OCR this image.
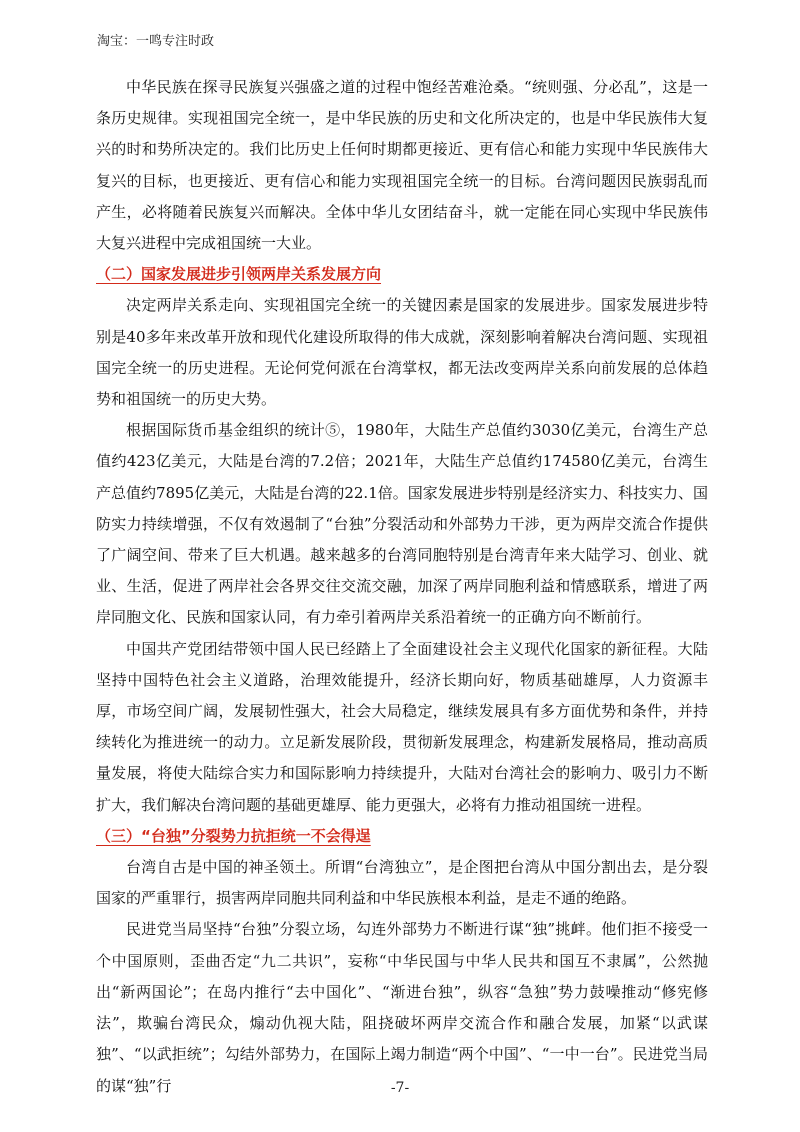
淘宝：一鸣专注时政

中华民族在探寻民族复兴强盛之道的过程中饱经苦难沧桑。“统则强、分必乱”，这是一条历史规律。实现祖国完全统一，是中华民族的历史和文化所决定的，也是中华民族伟大复兴的时和势所决定的。我们比历史上任何时期都更接近、更有信心和能力实现中华民族伟大复兴的目标，也更接近、更有信心和能力实现祖国完全统一的目标。台湾问题因民族弱乱而产生，必将随着民族复兴而解决。全体中华儿女团结奋斗，就一定能在同心实现中华民族伟大复兴进程中完成祖国统一大业。

（二）国家发展进步引领两岸关系发展方向

决定两岸关系走向、实现祖国完全统一的关键因素是国家的发展进步。国家发展进步特别是40多年来改革开放和现代化建设所取得的伟大成就，深刻影响着解决台湾问题、实现祖国完全统一的历史进程。无论何党何派在台湾掌权，都无法改变两岸关系向前发展的总体趋势和祖国统一的历史大势。

根据国际货币基金组织的统计⑤，1980年，大陆生产总值约3030亿美元，台湾生产总值约423亿美元，大陆是台湾的7.2倍；2021年，大陆生产总值约174580亿美元，台湾生产总值约7895亿美元，大陆是台湾的22.1倍。国家发展进步特别是经济实力、科技实力、国防实力持续增强，不仅有效遏制了“台独”分裂活动和外部势力干涉，更为两岸交流合作提供了广阔空间、带来了巨大机遇。越来越多的台湾同胞特别是台湾青年来大陆学习、创业、就业、生活，促进了两岸社会各界交往交流交融，加深了两岸同胞利益和情感联系，增进了两岸同胞文化、民族和国家认同，有力牵引着两岸关系沿着统一的正确方向不断前行。

中国共产党团结带领中国人民已经踏上了全面建设社会主义现代化国家的新征程。大陆坚持中国特色社会主义道路，治理效能提升，经济长期向好，物质基础雄厚，人力资源丰厚，市场空间广阔，发展韧性强大，社会大局稳定，继续发展具有多方面优势和条件，并持续转化为推进统一的动力。立足新发展阶段，贯彻新发展理念，构建新发展格局，推动高质量发展，将使大陆综合实力和国际影响力持续提升，大陆对台湾社会的影响力、吸引力不断扩大，我们解决台湾问题的基础更雄厚、能力更强大，必将有力推动祖国统一进程。

（三）“台独”分裂势力抗拒统一不会得逞

台湾自古是中国的神圣领土。所谓“台湾独立”，是企图把台湾从中国分割出去，是分裂国家的严重罪行，损害两岸同胞共同利益和中华民族根本利益，是走不通的绝路。

民进党当局坚持“台独”分裂立场，勾连外部势力不断进行谋“独”挑衅。他们拒不接受一个中国原则，歪曲否定“九二共识”，妄称“中华民国与中华人民共和国互不隶属”，公然抛出“新两国论”；在岛内推行“去中国化”、“渐进台独”，纵容“急独”势力鼓噪推动“修宪修法”，欺骗台湾民众，煽动仇视大陆，阻挠破坏两岸交流合作和融合发展，加紧“以武谋独”、“以武拒统”；勾结外部势力，在国际上竭力制造“两个中国”、“一中一台”。民进党当局的谋“独”行	-7-
